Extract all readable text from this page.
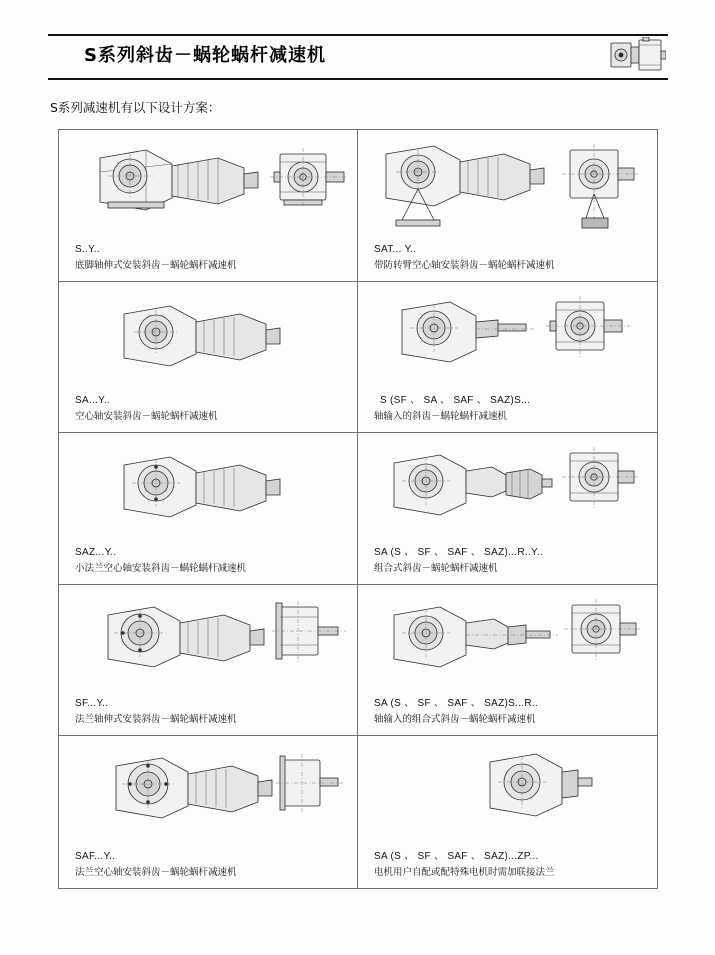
S系列斜齿－蜗轮蜗杆减速机
S系列减速机有以下设计方案：
S..Y..
底脚轴伸式安装斜齿－蜗轮蜗杆减速机
SAT... Y..
带防转臂空心轴安装斜齿－蜗轮蜗杆减速机
SA...Y..
空心轴安装斜齿－蜗轮蜗杆减速机
S (SF 、 SA 、 SAF 、 SAZ)S...
轴输入的斜齿－蜗轮蜗杆减速机
SAZ...Y..
小法兰空心轴安装斜齿－蜗轮蜗杆减速机
SA (S 、 SF 、 SAF 、 SAZ)...R..Y..
组合式斜齿－蜗轮蜗杆减速机
SF...Y..
法兰轴伸式安装斜齿－蜗轮蜗杆减速机
SA (S 、 SF 、 SAF 、 SAZ)S...R..
轴输入的组合式斜齿－蜗轮蜗杆减速机
SAF...Y..
法兰空心轴安装斜齿－蜗轮蜗杆减速机
SA (S 、 SF 、 SAF 、 SAZ)...ZP...
电机用户自配或配特殊电机时需加联接法兰
